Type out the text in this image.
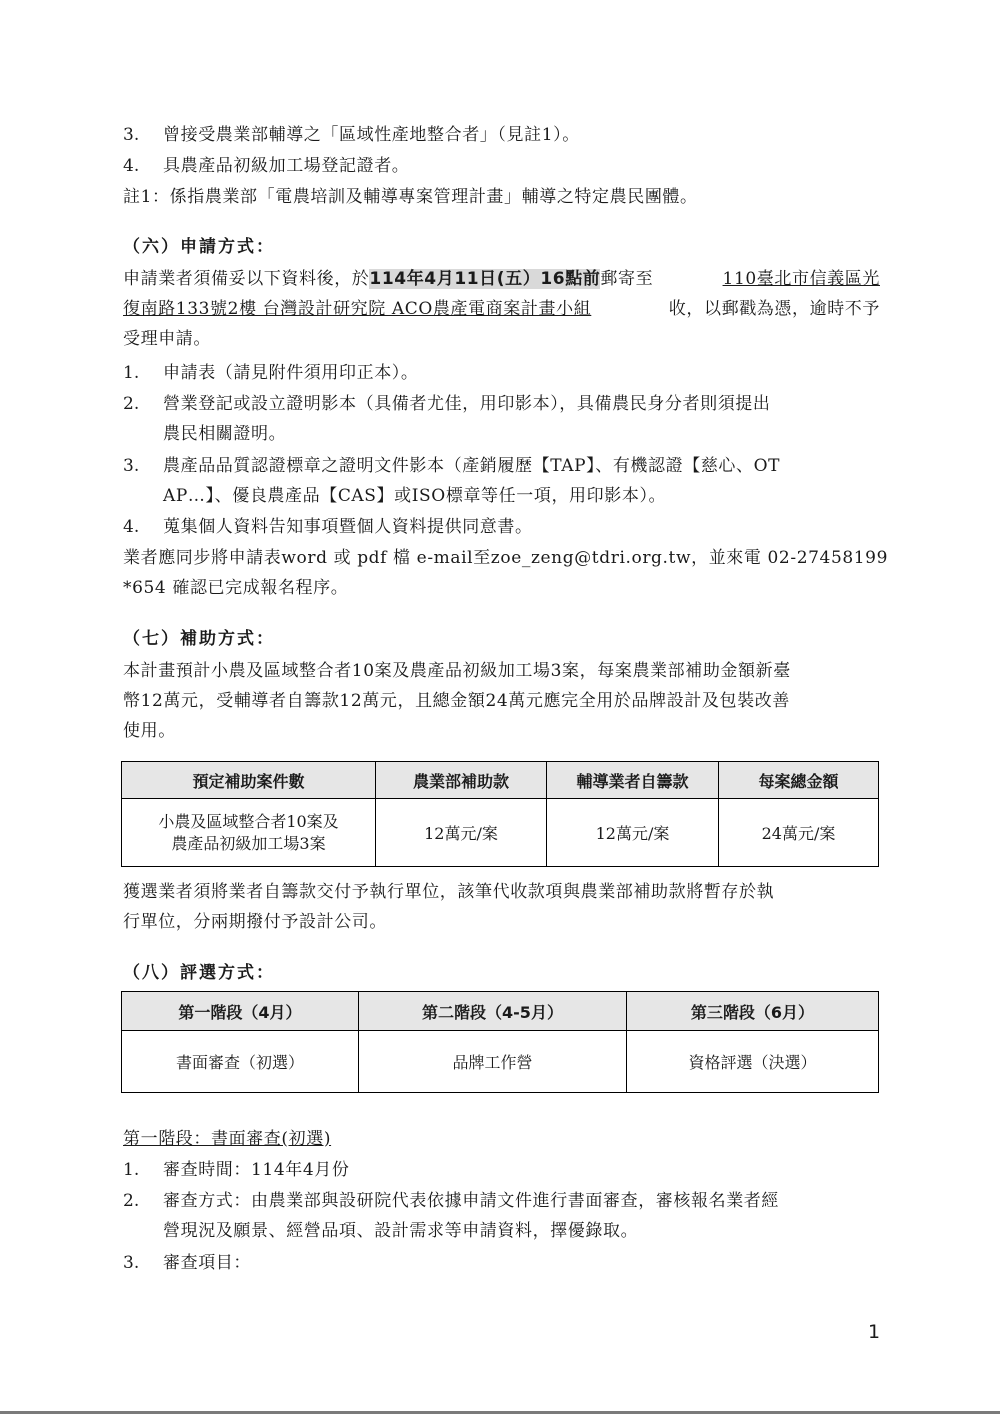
3. 曾接受農業部輔導之「區域性產地整合者」（見註1）。
4. 具農產品初級加工場登記證者。
註1：係指農業部「電農培訓及輔導專案管理計畫」輔導之特定農民團體。
（六）申請方式：
申請業者須備妥以下資料後，於114年4月11日(五）16點前郵寄至	110臺北市信義區光
復南路133號2樓 台灣設計研究院 ACO農產電商案計畫小組	收，以郵戳為憑，逾時不予
受理申請。
1. 申請表（請見附件須用印正本）。
2. 營業登記或設立證明影本（具備者尤佳，用印影本），具備農民身分者則須提出
農民相關證明。
3. 農產品品質認證標章之證明文件影本（產銷履歷【TAP】、有機認證【慈心、OT
AP…】、優良農產品【CAS】或ISO標章等任一項，用印影本）。
4. 蒐集個人資料告知事項暨個人資料提供同意書。
業者應同步將申請表word 或 pdf 檔 e-mail至zoe_zeng@tdri.org.tw，並來電 02-27458199
*654 確認已完成報名程序。
（七）補助方式：
本計畫預計小農及區域整合者10案及農產品初級加工場3案，每案農業部補助金額新臺
幣12萬元，受輔導者自籌款12萬元，且總金額24萬元應完全用於品牌設計及包裝改善
使用。
預定補助案件數	農業部補助款	輔導業者自籌款	每案總金額

小農及區域整合者10案及
農產品初級加工場3案	12萬元/案	12萬元/案	24萬元/案
獲選業者須將業者自籌款交付予執行單位，該筆代收款項與農業部補助款將暫存於執
行單位，分兩期撥付予設計公司。
（八）評選方式：
第一階段（4月）	第二階段（4-5月）	第三階段（6月）
書面審查（初選）	品牌工作營	資格評選（決選）
第一階段：書面審查(初選)
1. 審查時間：114年4月份
2. 審查方式：由農業部與設研院代表依據申請文件進行書面審查，審核報名業者經
營現況及願景、經營品項、設計需求等申請資料，擇優錄取。
3. 審查項目：
1
